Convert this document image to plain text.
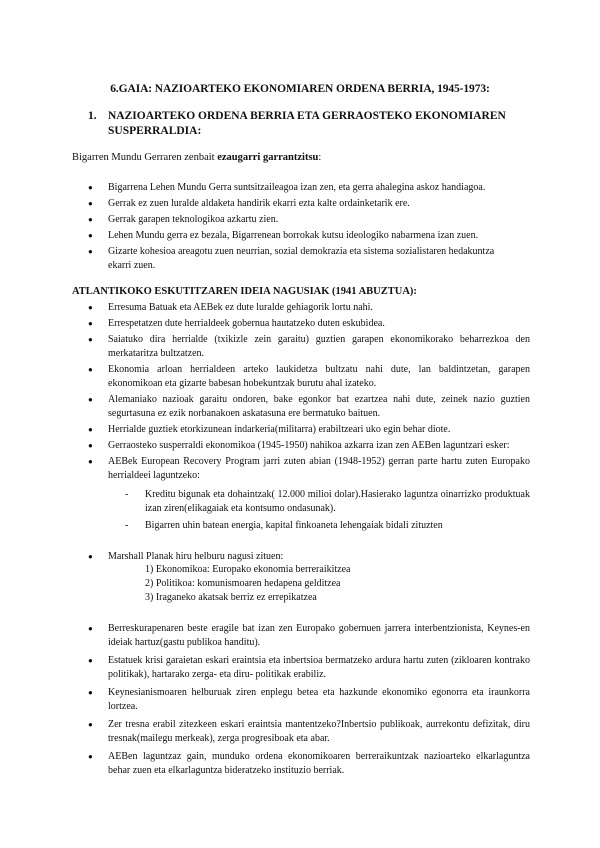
6.GAIA: NAZIOARTEKO EKONOMIAREN ORDENA BERRIA, 1945-1973:
1. NAZIOARTEKO ORDENA BERRIA ETA GERRAOSTEKO EKONOMIAREN SUSPERRALDIA:
Bigarren Mundu Gerraren zenbait ezaugarri garrantzitsu:
● Bigarrena Lehen Mundu Gerra suntsitzaileagoa izan zen, eta gerra ahalegina askoz handiagoa.
● Gerrak ez zuen luralde aldaketa handirik ekarri ezta kalte ordainketarik ere.
● Gerrak garapen teknologikoa azkartu zien.
● Lehen Mundu gerra ez bezala, Bigarrenean borrokak kutsu ideologiko nabarmena izan zuen.
● Gizarte kohesioa areagotu zuen neurrian, sozial demokrazia eta sistema sozialistaren hedakuntza ekarri zuen.
ATLANTIKOKO ESKUTITZAREN IDEIA NAGUSIAK (1941 ABUZTUA):
● Erresuma Batuak eta AEBek ez dute luralde gehiagorik lortu nahi.
● Errespetatzen dute herrialdeek gobernua hautatzeko duten eskubidea.
● Saiatuko dira herrialde (txikizle zein garaitu) guztien garapen ekonomikorako beharrezkoa den merkataritza bultzatzen.
● Ekonomia arloan herrialdeen arteko laukidetza bultzatu nahi dute, lan baldintzetan, garapen ekonomikoan eta gizarte babesan hobekuntzak burutu ahal izateko.
● Alemaniako nazioak garaitu ondoren, bake egonkor bat ezartzea nahi dute, zeinek nazio guztien segurtasuna ez ezik norbanakoen askatasuna ere bermatuko baituen.
● Herrialde guztiek etorkizunean indarkeria(militarra) erabiltzeari uko egin behar diote.
● Gerraosteko susperraldi ekonomikoa (1945-1950) nahikoa azkarra izan zen AEBen laguntzari esker:
● AEBek European Recovery Program jarri zuten abian (1948-1952) gerran parte hartu zuten Europako herrialdeei laguntzeko:
- Kreditu bigunak eta dohaintzak( 12.000 milioi dolar).Hasierako laguntza oinarrizko produktuak izan ziren(elikagaiak eta kontsumo ondasunak).
- Bigarren uhin batean energia, kapital finkoaneta lehengaiak bidali zituzten
● Marshall Planak hiru helburu nagusi zituen:
1) Ekonomikoa: Europako ekonomia berreraikitzea
2) Politikoa: komunismoaren hedapena gelditzea
3) Iraganeko akatsak berriz ez errepikatzea
● Berreskurapenaren beste eragile bat izan zen Europako gobernuen jarrera interbentzionista, Keynes-en ideiak hartuz(gastu publikoa handitu).
● Estatuek krisi garaietan eskari eraintsia eta inbertsioa bermatzeko ardura hartu zuten (zikloaren kontrako politikak), hartarako zerga- eta diru- politikak erabiliz.
● Keynesianismoaren helburuak ziren enplegu betea eta hazkunde ekonomiko egonorra eta iraunkorra lortzea.
● Zer tresna erabil zitezkeen eskari eraintsia mantentzeko?Inbertsio publikoak, aurrekontu defizitak, diru tresnak(mailegu merkeak), zerga progresiboak eta abar.
● AEBen laguntzaz gain, munduko ordena ekonomikoaren berreraikuntzak nazioarteko elkarlaguntza behar zuen eta elkarlaguntza bideratzeko instituzio berriak.
